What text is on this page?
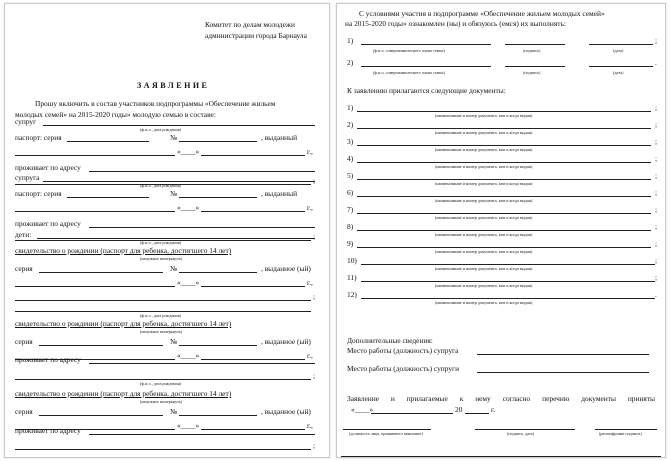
Комитет по делам молодежи
администрации города Барнаула
ЗАЯВЛЕНИЕ
Прошу включить в состав участников подпрограммы «Обеспечение жильем
молодых семей» на 2015-2020 годы» молодую семью в составе:
супруг
(ф.и.о., дата рождения)
паспорт: серия	№	, выданный
«____»	г.,
проживает по адресу
;
супруга
(ф.и.о., дата рождения)
паспорт: серия	№	, выданный
«____»	г.,
проживает по адресу
;
дети:
(ф.и.о., дата рождения)
свидетельство о рождении (паспорт для ребенка, достигшего 14 лет)
(ненужное вычеркнуть)
серия	№	, выданное (ый)
«____»	г.,
;
(ф.и.о., дата рождения)
свидетельство о рождении (паспорт для ребенка, достигшего 14 лет)
(ненужное вычеркнуть)
серия	№	, выданное (ый)
«____»	г.,
проживает по адресу
(ф.и.о., дата рождения)
;
свидетельство о рождении (паспорт для ребенка, достигшего 14 лет)
(ненужное вычеркнуть)
серия	№	, выданное (ый)
«____»	г.,
проживает по адресу
;
С условиями участия в подпрограмме «Обеспечение жильем молодых семей»
на 2015-2020 годы» ознакомлен (ны) и обязуюсь (емся) их выполнять:
1)	;
(ф.и.о. совершеннолетнего члена семьи)	(подпись)	(дата)
2)	.
(ф.и.о. совершеннолетнего члена семьи)	(подпись)	(дата)
К заявлению прилагаются следующие документы:
1)	;
(наименование и номер документа, кем и когда выдан)
2)	;
(наименование и номер документа, кем и когда выдан)
3)	;
(наименование и номер документа, кем и когда выдан)
4)	;
(наименование и номер документа, кем и когда выдан)
5)	;
(наименование и номер документа, кем и когда выдан)
6)	;
(наименование и номер документа, кем и когда выдан)
7)	;
(наименование и номер документа, кем и когда выдан)
8)	;
(наименование и номер документа, кем и когда выдан)
9)	;
(наименование и номер документа, кем и когда выдан)
10)	;
(наименование и номер документа, кем и когда выдан)
11)	;
(наименование и номер документа, кем и когда выдан)
12)	.
(наименование и номер документа, кем и когда выдан)
Дополнительные сведения:
Место работы (должность) супруга
Место работы (должность) супруги
Заявление и прилагаемые к нему согласно перечню документы приняты
«____»	20	г.
(должность лица, принявшего заявление)	(подпись, дата)	(расшифровка подписи)
